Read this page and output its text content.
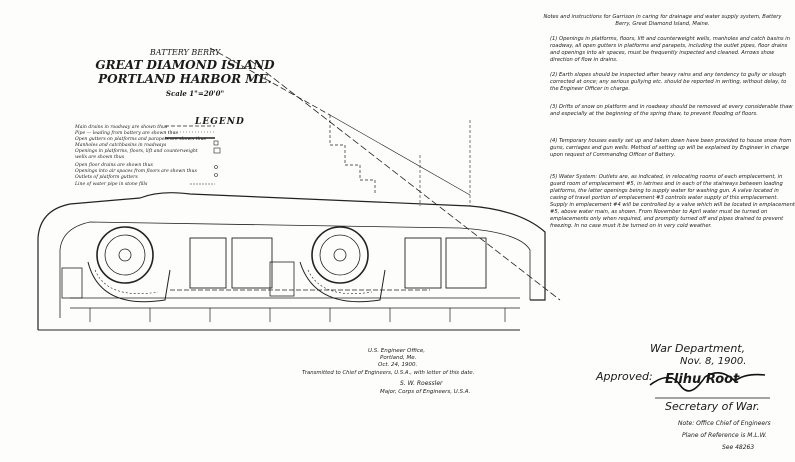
BATTERY BERRY
GREAT DIAMOND ISLAND
PORTLAND HARBOR ME.
Scale 1"=20'0"
LEGEND
Main drains in roadway are shown thus
Pipe — leading from battery are shown thus
Open gutters on platforms and parapets are shown thus
Manholes and catchbasins in roadways
Openings in platforms, floors, lift and counterweight
wells are shown thus
Open floor drains are shown thus
Openings into air spaces from floors are shown thus
Outlets of platform gutters
Line of water pipe in stone fills
Notes and instructions for Garrison in caring for drainage and water supply system, Battery Berry, Great Diamond Island, Maine.
(1) Openings in platforms, floors, lift and counterweight wells, manholes and catch basins in roadway, all open gutters in platforms and parapets, including the outlet pipes, floor drains and openings into air spaces, must be frequently inspected and cleaned. Arrows show direction of flow in drains.
(2) Earth slopes should be inspected after heavy rains and any tendency to gully or slough corrected at once; any serious gullying etc. should be reported in writing, without delay, to the Engineer Officer in charge.
(3) Drifts of snow on platform and in roadway should be removed at every considerable thaw and especially at the beginning of the spring thaw, to prevent flooding of floors.
(4) Temporary houses easily set up and taken down have been provided to house snow from guns, carriages and gun wells. Method of setting up will be explained by Engineer in charge upon request of Commanding Officer of Battery.
(5) Water System: Outlets are, as indicated, in relocating rooms of each emplacement, in guard room of emplacement #5, in latrines and in each of the stairways between loading platforms, the latter openings being to supply water for washing gun. A valve located in casing of travel portion of emplacement #3 controls water supply of this emplacement. Supply in emplacement #4 will be controlled by a valve which will be located in emplacement #5, above water main, as shown. From November to April water must be turned on emplacements only when required, and promptly turned off and pipes drained to prevent freezing. In no case must it be turned on in very cold weather.
U.S. Engineer Office,
Portland, Me.
Oct. 24, 1900.
Transmitted to Chief of Engineers, U.S.A., with letter of this date.
S. W. Roessler
Major, Corps of Engineers, U.S.A.
War Department,
Nov. 8, 1900.
Approved: Elihu Root
Secretary of War.
Note: Office Chief of Engineers
Plane of Reference is M.L.W.
See 48263
